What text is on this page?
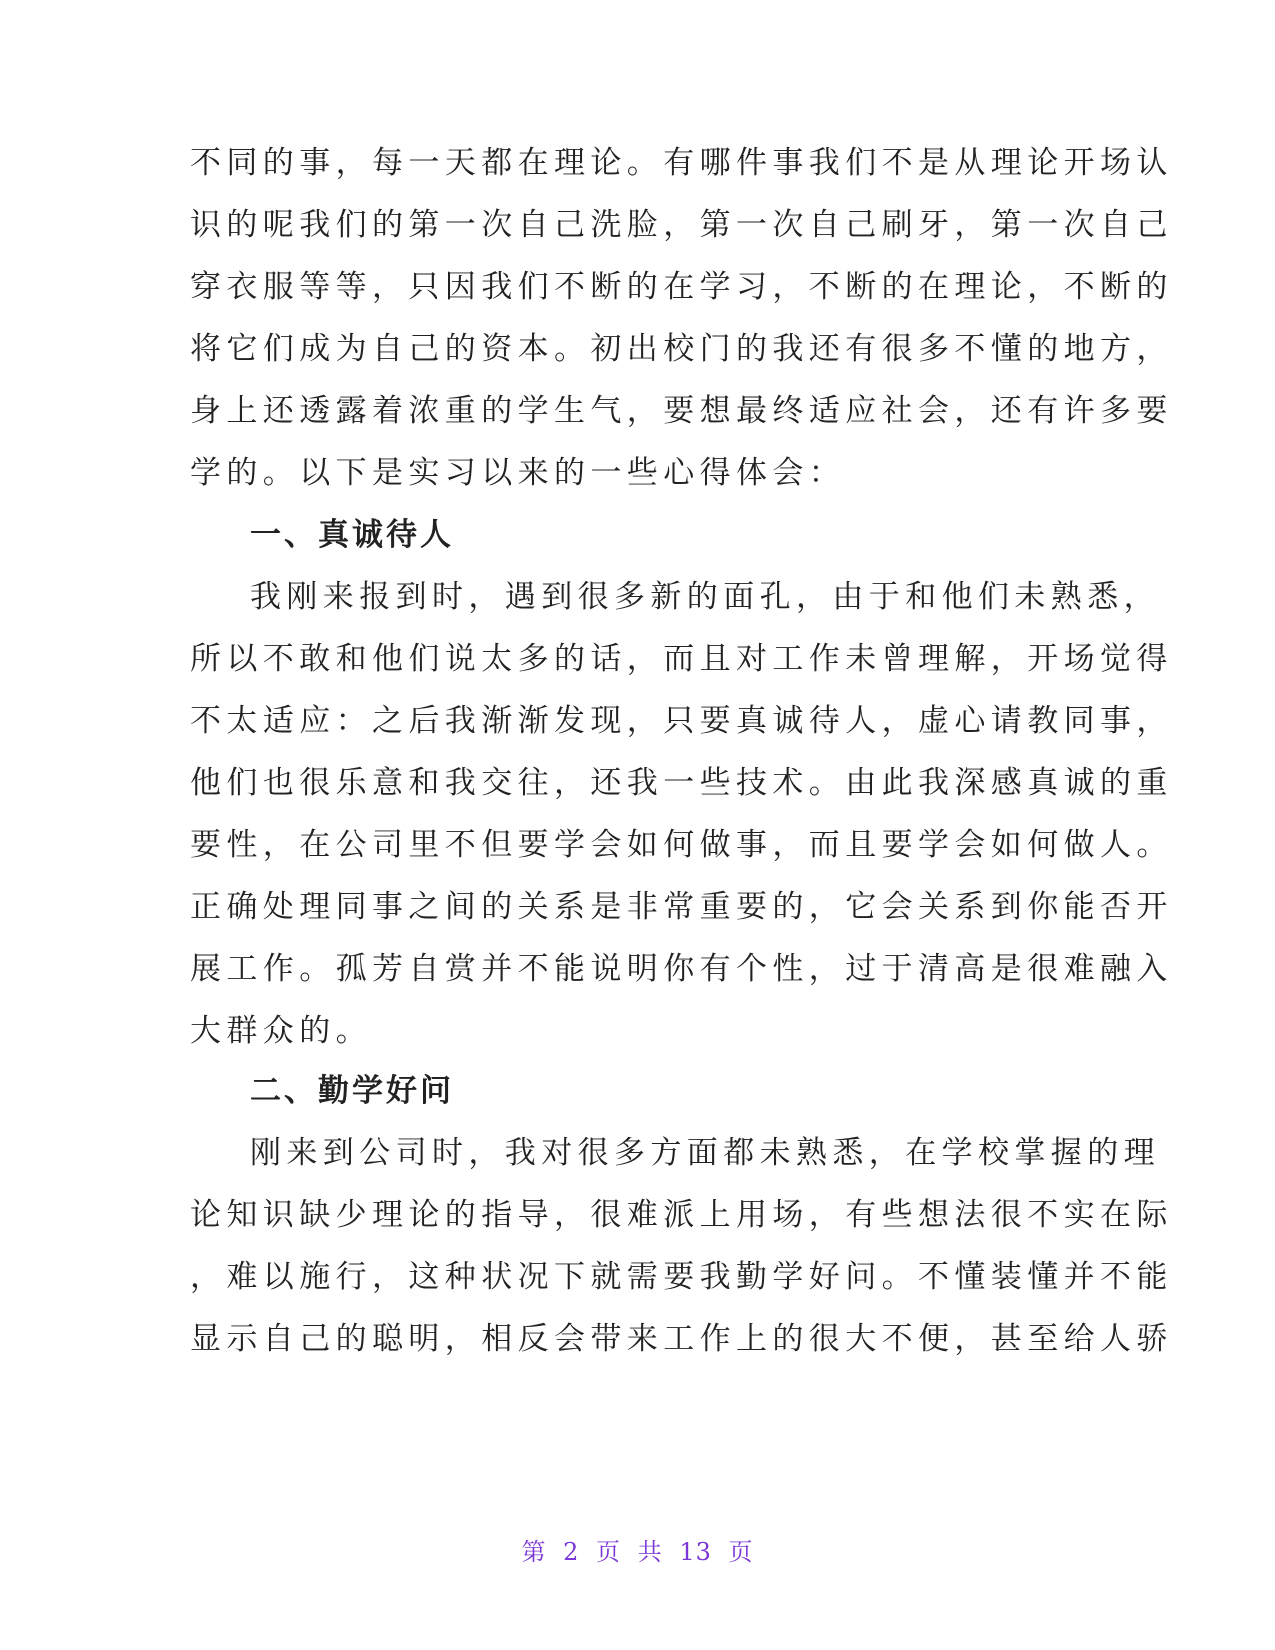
不同的事，每一天都在理论。有哪件事我们不是从理论开场认
识的呢我们的第一次自己洗脸，第一次自己刷牙，第一次自己
穿衣服等等，只因我们不断的在学习，不断的在理论，不断的
将它们成为自己的资本。初出校门的我还有很多不懂的地方，
身上还透露着浓重的学生气，要想最终适应社会，还有许多要
学的。以下是实习以来的一些心得体会：
一、真诚待人
我刚来报到时，遇到很多新的面孔，由于和他们未熟悉，
所以不敢和他们说太多的话，而且对工作未曾理解，开场觉得
不太适应：之后我渐渐发现，只要真诚待人，虚心请教同事，
他们也很乐意和我交往，还我一些技术。由此我深感真诚的重
要性，在公司里不但要学会如何做事，而且要学会如何做人。
正确处理同事之间的关系是非常重要的，它会关系到你能否开
展工作。孤芳自赏并不能说明你有个性，过于清高是很难融入
大群众的。
二、勤学好问
刚来到公司时，我对很多方面都未熟悉，在学校掌握的理
论知识缺少理论的指导，很难派上用场，有些想法很不实在际
，难以施行，这种状况下就需要我勤学好问。不懂装懂并不能
显示自己的聪明，相反会带来工作上的很大不便，甚至给人骄
第 2 页 共 13 页
